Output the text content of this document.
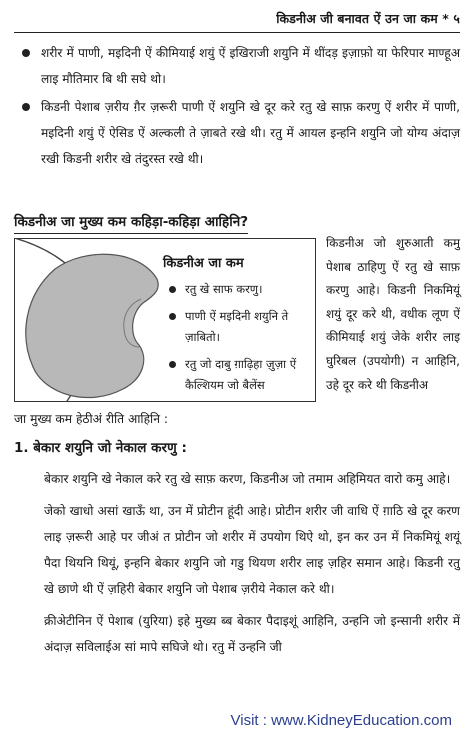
किडनीअ जी बनावत ऐं उन जा कम * ५
शरीर में पाणी, मइदिनी ऐं कीमियाई शयुं ऐं इखिराजी शयुनि में थींदड़ इज़ाफ़ो या फेरिपार माण्हूअ लाइ मौतिमार बि थी सघे थो।
किडनी पेशाब ज़रीय ग़ैर ज़रूरी पाणी ऐं शयुनि खे दूर करे रतु खे साफ़ करणु ऐं शरीर में पाणी, मइदिनी शयुं ऐं ऐसिड ऐं अल्कली ते ज़ाबते रखे थी। रतु में आयल इन्हनि शयुनि जो योग्य अंदाज़ रखी किडनी शरीर खे तंदुरस्त रखे थी।
किडनीअ जा मुख्य कम कहिड़ा-कहिड़ा आहिनि?
किडनीअ जा कम
रतु खे साफ करणु।
पाणी ऐं मइदिनी शयुनि ते ज़ाबितो।
रतु जो दाबु ग़ाढ़िहा ज़ुज़ा ऐं कैल्शियम जो बैलेंस
किडनीअ जो शुरुआती कमु पेशाब ठाहिणु ऐं रतु खे साफ़ करणु आहे। किडनी निकमियूं शयुं दूर करे थी, वधीक लूण ऐं कीमियाई शयुं जेके शरीर लाइ घुरिबल (उपयोगी) न आहिनि, उहे दूर करे थी किडनीअ
जा मुख्य कम हेठीअं रीति आहिनि :
1. बेकार शयुनि जो नेकाल करणु :

बेकार शयुनि खे नेकाल करे रतु खे साफ़ करण, किडनीअ जो तमाम अहिमियत वारो कमु आहे।

जेको खाधो असां खाऊँ था, उन में प्रोटीन हूंदी आहे। प्रोटीन शरीर जी वाधि ऐं ग़ाठि खे दूर करण लाइ ज़रूरी आहे पर जीअं त प्रोटीन जो शरीर में उपयोग थिऐ थो, इन कर उन में निकमियूं शयूं पैदा थियनि थियूं, इन्हनि बेकार शयुनि जो गडु थियण शरीर लाइ ज़हिर समान आहे। किडनी रतु खे छाणे थी ऐं ज़हिरी बेकार शयुनि जो पेशाब ज़रीये नेकाल करे थी।

क्रीअेटीनिन ऐं पेशाब (युरिया) इहे मुख्य ब्ब बेकार पैदाइशूं आहिनि, उन्हनि जो इन्सानी शरीर में अंदाज़ सविलाईअ सां मापे सघिजे थो। रतु में उन्हनि जी

Visit : www.KidneyEducation.com
